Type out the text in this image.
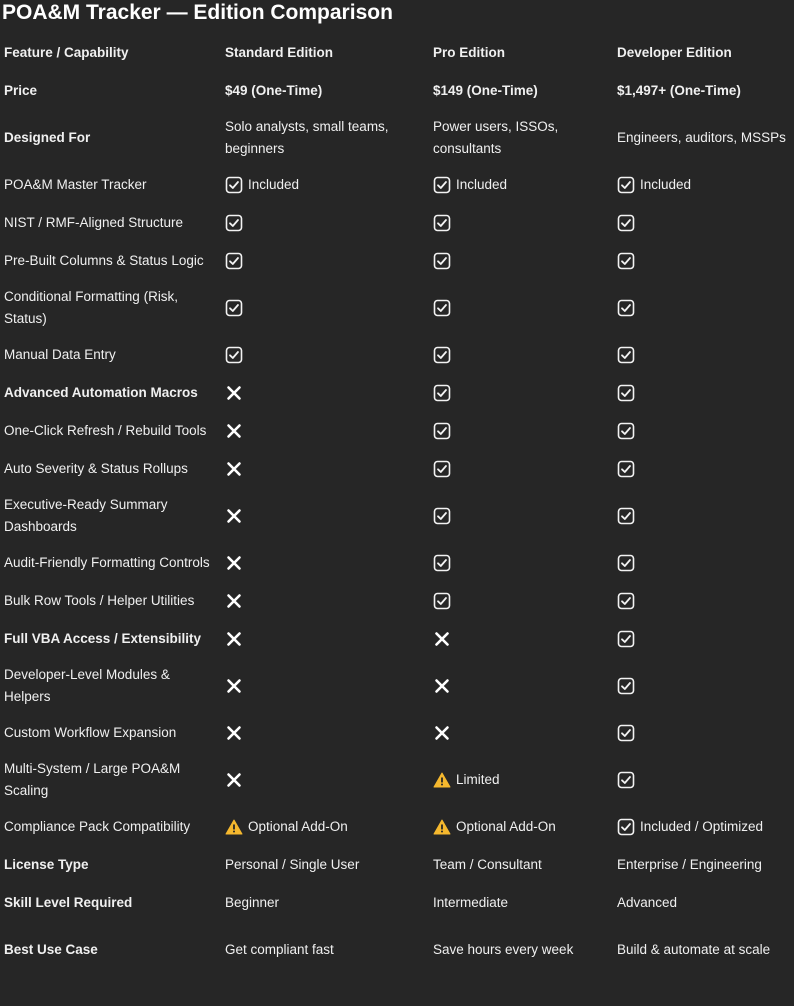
POA&M Tracker — Edition Comparison
Feature / Capability	Standard Edition	Pro Edition	Developer Edition
Price	$49 (One-Time)	$149 (One-Time)	$1,497+ (One-Time)

Designed For	Solo analysts, small teams, beginners	Power users, ISSOs, consultants	Engineers, auditors, MSSPs

POA&M Master Tracker	Included	Included	Included

NIST / RMF-Aligned Structure	

Pre-Built Columns & Status Logic	

Conditional Formatting (Risk, Status)	

Manual Data Entry	

Advanced Automation Macros	

One-Click Refresh / Rebuild Tools	

Auto Severity & Status Rollups	

Executive-Ready Summary Dashboards	

Audit-Friendly Formatting Controls	

Bulk Row Tools / Helper Utilities	

Full VBA Access / Extensibility	

Developer-Level Modules & Helpers	

Custom Workflow Expansion	

Multi-System / Large POA&M Scaling		Limited

Compliance Pack Compatibility	Optional Add-On	Optional Add-On	Included / Optimized

License Type	Personal / Single User	Team / Consultant	Enterprise / Engineering

Skill Level Required	Beginner	Intermediate	Advanced

Best Use Case	Get compliant fast	Save hours every week	Build & automate at scale
